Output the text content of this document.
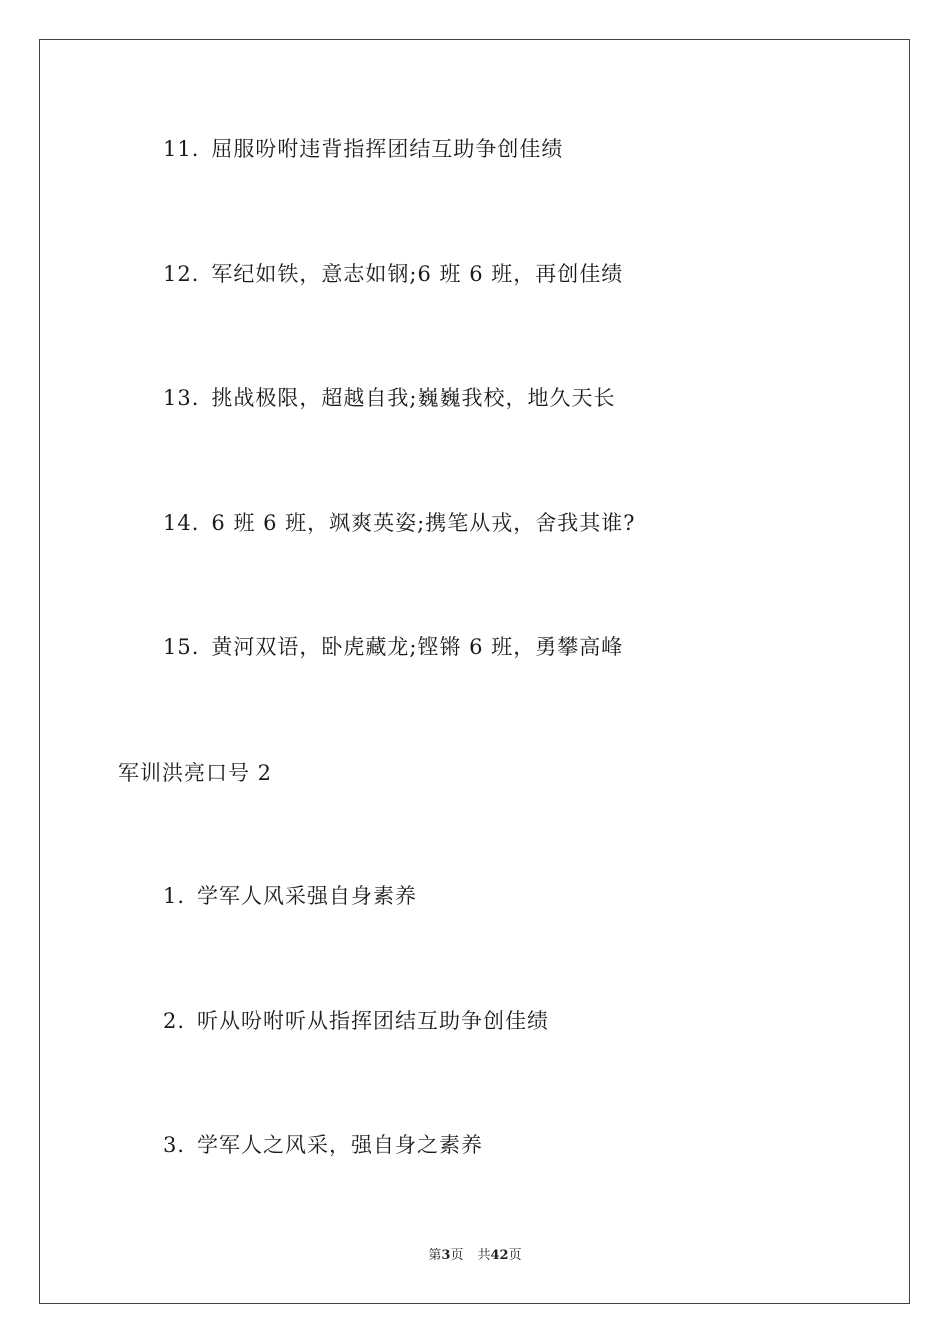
11. 屈服吩咐违背指挥团结互助争创佳绩
12. 军纪如铁，意志如钢;6 班 6 班，再创佳绩
13. 挑战极限，超越自我;巍巍我校，地久天长
14. 6 班 6 班，飒爽英姿;携笔从戎，舍我其谁?
15. 黄河双语，卧虎藏龙;铿锵 6 班，勇攀高峰
军训洪亮口号 2
1. 学军人风采强自身素养
2. 听从吩咐听从指挥团结互助争创佳绩
3. 学军人之风采，强自身之素养
第3页 共42页
